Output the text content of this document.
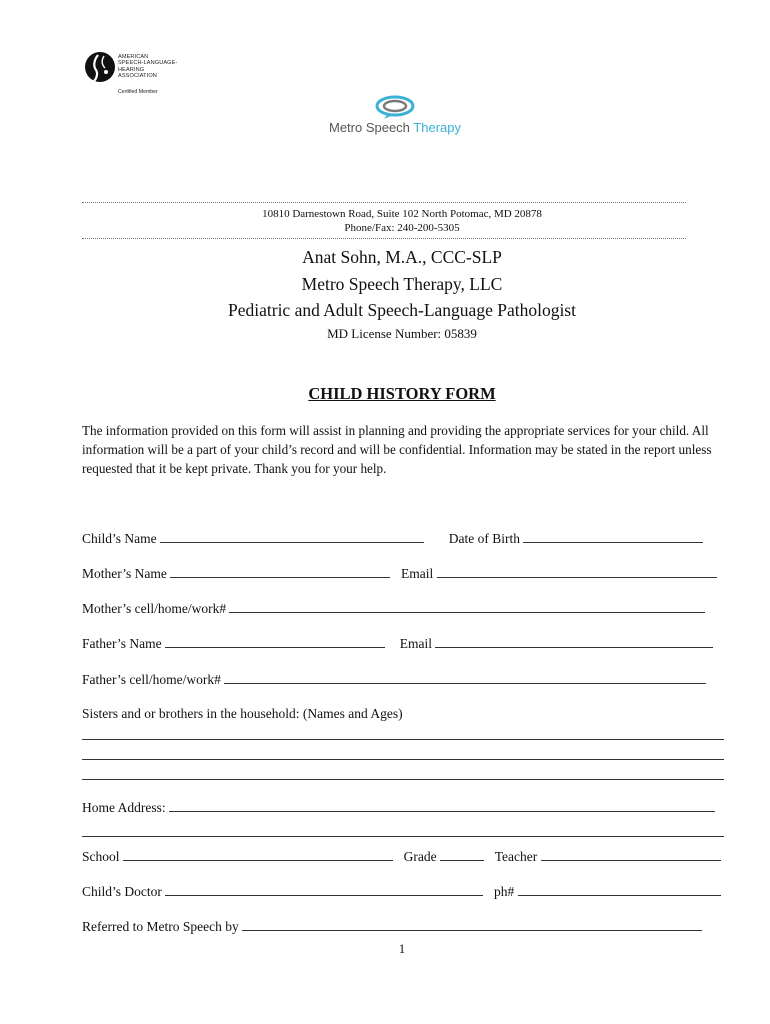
AMERICAN
SPEECH-LANGUAGE-
HEARING
ASSOCIATION
Certified Member
Metro Speech Therapy
10810 Darnestown Road, Suite 102 North Potomac, MD 20878
Phone/Fax: 240-200-5305
Anat Sohn, M.A., CCC-SLP
Metro Speech Therapy, LLC
Pediatric and Adult Speech-Language Pathologist
MD License Number: 05839
CHILD HISTORY FORM
The information provided on this form will assist in planning and providing the appropriate services for your child. All information will be a part of your child’s record and will be confidential. Information may be stated in the report unless requested that it be kept private. Thank you for your help.
Child’s Name	Date of Birth
Mother’s Name	Email
Mother’s cell/home/work#
Father’s Name	Email
Father’s cell/home/work#
Sisters and or brothers in the household: (Names and Ages)
Home Address:
School	Grade	Teacher
Child’s Doctor	ph#
Referred to Metro Speech by
1
